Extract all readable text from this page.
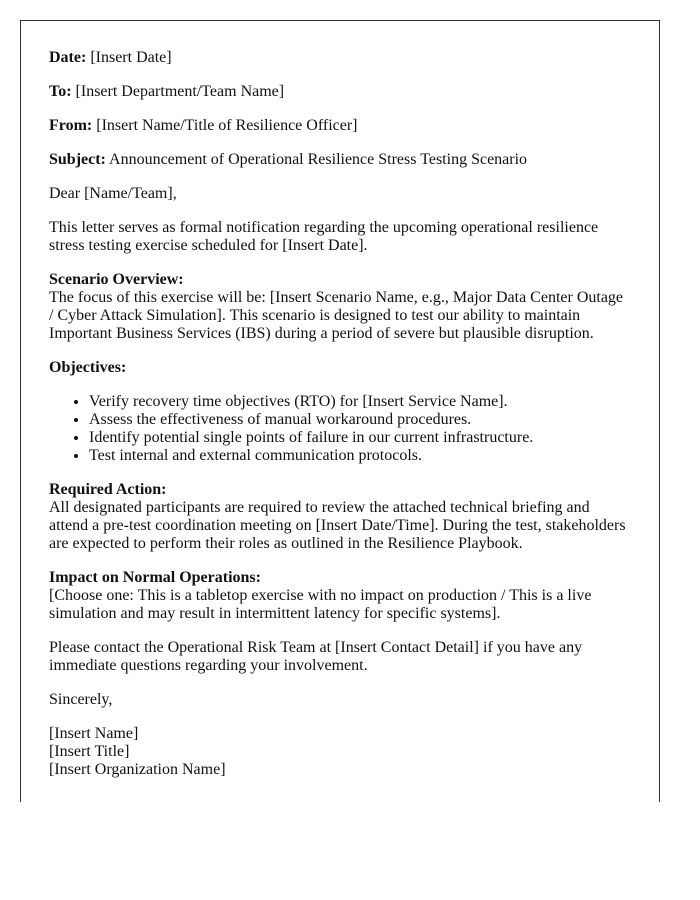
Date: [Insert Date]

To: [Insert Department/Team Name]

From: [Insert Name/Title of Resilience Officer]

Subject: Announcement of Operational Resilience Stress Testing Scenario

Dear [Name/Team],

This letter serves as formal notification regarding the upcoming operational resilience stress testing exercise scheduled for [Insert Date].

Scenario Overview:
The focus of this exercise will be: [Insert Scenario Name, e.g., Major Data Center Outage / Cyber Attack Simulation]. This scenario is designed to test our ability to maintain Important Business Services (IBS) during a period of severe but plausible disruption.

Objectives:
• Verify recovery time objectives (RTO) for [Insert Service Name].
• Assess the effectiveness of manual workaround procedures.
• Identify potential single points of failure in our current infrastructure.
• Test internal and external communication protocols.

Required Action:
All designated participants are required to review the attached technical briefing and attend a pre-test coordination meeting on [Insert Date/Time]. During the test, stakeholders are expected to perform their roles as outlined in the Resilience Playbook.

Impact on Normal Operations:
[Choose one: This is a tabletop exercise with no impact on production / This is a live simulation and may result in intermittent latency for specific systems].

Please contact the Operational Risk Team at [Insert Contact Detail] if you have any immediate questions regarding your involvement.

Sincerely,

[Insert Name]
[Insert Title]
[Insert Organization Name]
